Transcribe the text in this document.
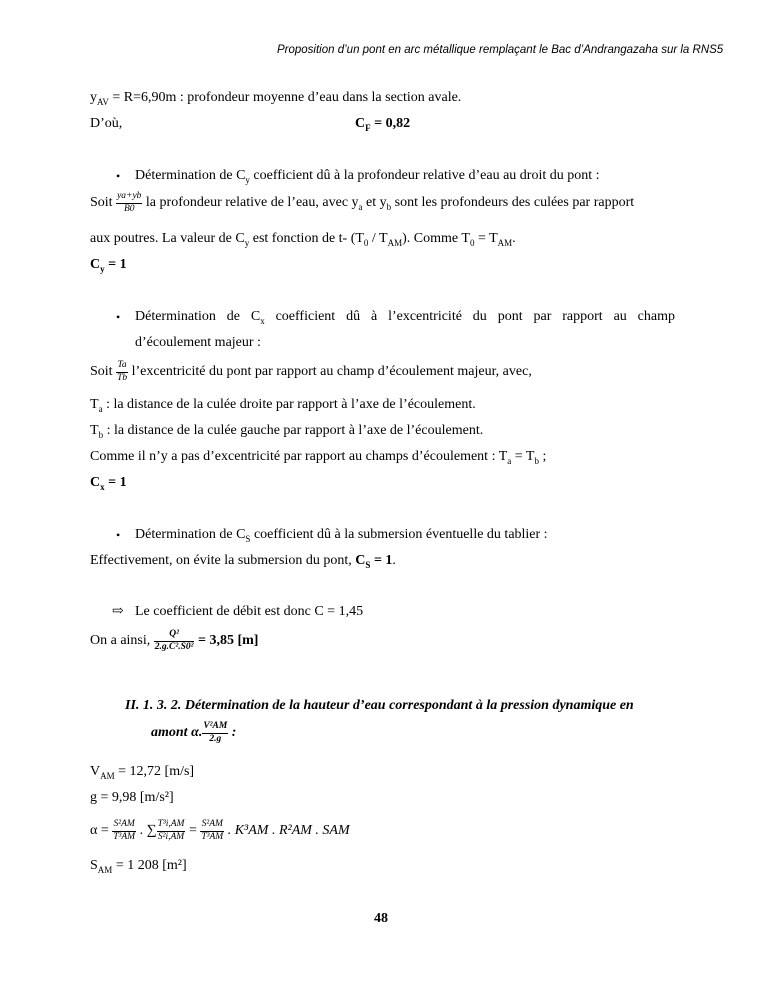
Proposition d’un pont en arc métallique remplaçant le Bac d’Andrangazaha sur la RNS5
$y_{AV} = R=6,90m$ : profondeur moyenne d’eau dans la section avale.
D’où,	$C_F = 0,82$
• Détermination de $C_y$ coefficient dû à la profondeur relative d’eau au droit du pont :
Soit $\frac{ya+yb}{B0}$ la profondeur relative de l’eau, avec $y_a$ et $y_b$ sont les profondeurs des culées par rapport
aux poutres. La valeur de $C_y$ est fonction de t- $(T_0 / T_{AM})$. Comme $T_0 = T_{AM}$.
$C_y = 1$
• Détermination de $C_x$ coefficient dû à l’excentricité du pont par rapport au champ
d’écoulement majeur :
Soit $\frac{Ta}{Tb}$ l’excentricité du pont par rapport au champ d’écoulement majeur, avec,
$T_a$ : la distance de la culée droite par rapport à l’axe de l’écoulement.
$T_b$ : la distance de la culée gauche par rapport à l’axe de l’écoulement.
Comme il n’y a pas d’excentricité par rapport au champs d’écoulement : $T_a = T_b$ ;
$C_x = 1$
• Détermination de $C_S$ coefficient dû à la submersion éventuelle du tablier :
Effectivement, on évite la submersion du pont, $C_S = 1$.
⇨ Le coefficient de débit est donc C = 1,45
On a ainsi, $\frac{\text{Q²}}{\text{2.g.C².S0²}} = 3,85$ [m]
II. 1. 3. 2. Détermination de la hauteur d’eau correspondant à la pression dynamique en
amont α. $\frac{\text{V²AM}}{2.g}$ :
$V_{AM} = 12,72$ [m/s]
g = 9,98 [m/s²]
$\alpha = \frac{\text{S²AM}}{\text{T³AM}}$ . ∑ $\frac{\text{T³i,AM}}{\text{S²i,AM}} = \frac{\text{S²AM}}{\text{T³AM}}$ . K³AM . R²AM . SAM
$S_{AM} = 1$ 208 [m²]
48
